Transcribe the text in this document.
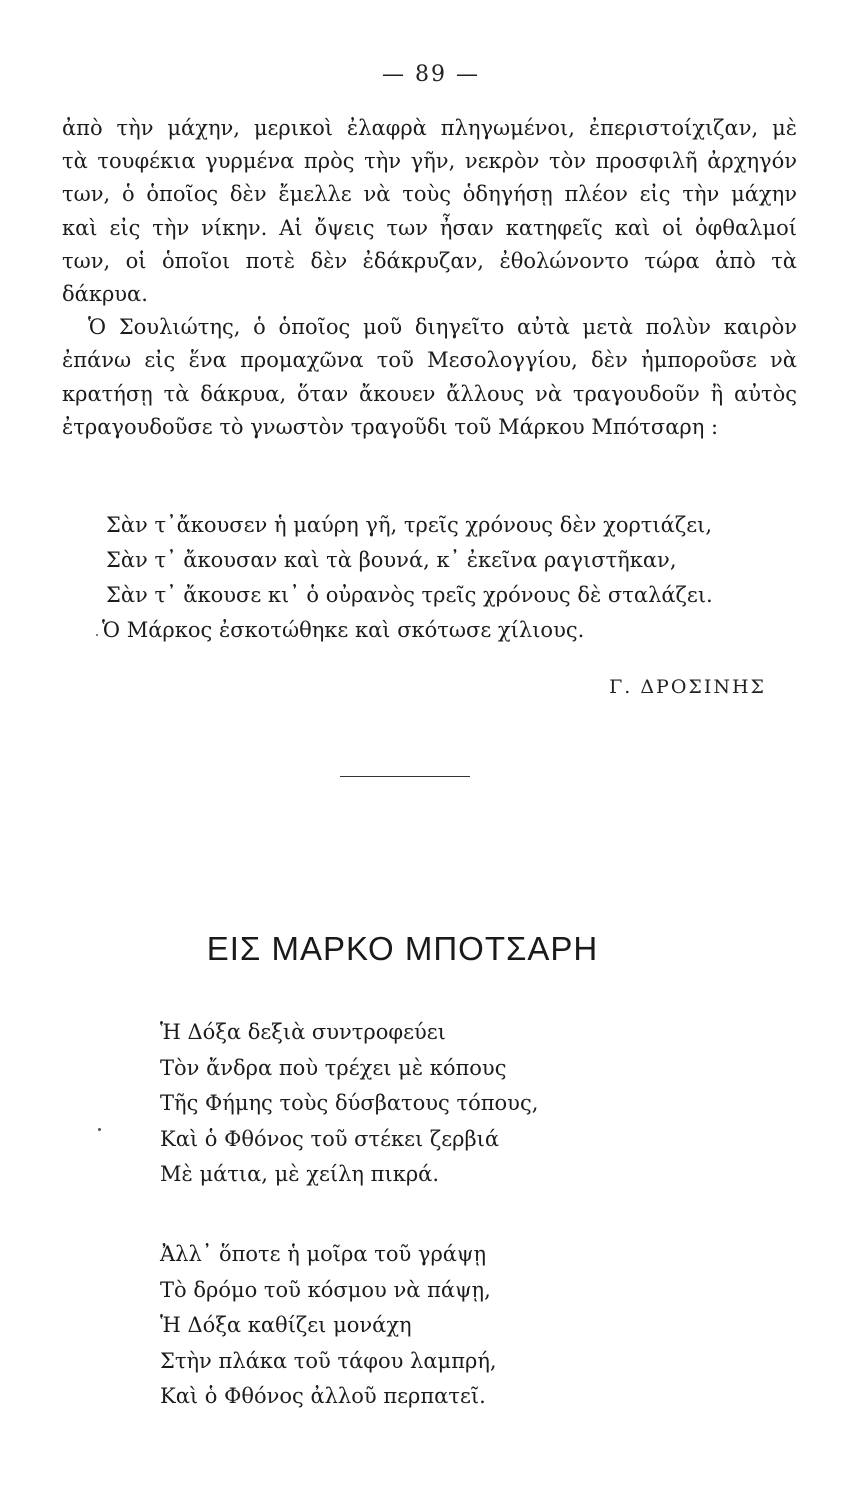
— 89 —
ἀπὸ τὴν μάχην, μερικοὶ ἐλαφρὰ πληγωμένοι, ἐπεριστοίχιζαν, μὲ
τὰ τουφέκια γυρμένα πρὸς τὴν γῆν, νεκρὸν τὸν προσφιλῆ ἀρχηγόν
των, ὁ ὁποῖος δὲν ἔμελλε νὰ τοὺς ὁδηγήσῃ πλέον εἰς τὴν μάχην
καὶ εἰς τὴν νίκην. Αἱ ὄψεις των ἦσαν κατηφεῖς καὶ οἱ ὀφθαλμοί
των, οἱ ὁποῖοι ποτὲ δὲν ἐδάκρυζαν, ἐθολώνοντο τώρα ἀπὸ τὰ
δάκρυα.
Ὁ Σουλιώτης, ὁ ὁποῖος μοῦ διηγεῖτο αὐτὰ μετὰ πολὺν καιρὸν
ἐπάνω εἰς ἕνα προμαχῶνα τοῦ Μεσολογγίου, δὲν ἠμποροῦσε νὰ
κρατήσῃ τὰ δάκρυα, ὅταν ἄκουεν ἄλλους νὰ τραγουδοῦν ἢ αὐτὸς
ἐτραγουδοῦσε τὸ γνωστὸν τραγοῦδι τοῦ Μάρκου Μπότσαρη :
Σὰν τ᾽ἄκουσεν ἡ μαύρη γῆ, τρεῖς χρόνους δὲν χορτιάζει,
Σὰν τ᾽ ἄκουσαν καὶ τὰ βουνά, κ᾽ ἐκεῖνα ραγιστῆκαν,
Σὰν τ᾽ ἄκουσε κι᾽ ὁ οὐρανὸς τρεῖς χρόνους δὲ σταλάζει.
Ὁ Μάρκος ἐσκοτώθηκε καὶ σκότωσε χίλιους.
Γ. ΔΡΟΣΙΝΗΣ
ΕΙΣ ΜΑΡΚΟ ΜΠΟΤΣΑΡΗ
Ἡ Δόξα δεξιὰ συντροφεύει
Τὸν ἄνδρα ποὺ τρέχει μὲ κόπους
Τῆς Φήμης τοὺς δύσβατους τόπους,
Καὶ ὁ Φθόνος τοῦ στέκει ζερβιά
Μὲ μάτια, μὲ χείλη πικρά.
Ἀλλ᾽ ὅποτε ἡ μοῖρα τοῦ γράψῃ
Τὸ δρόμο τοῦ κόσμου νὰ πάψῃ,
Ἡ Δόξα καθίζει μονάχη
Στὴν πλάκα τοῦ τάφου λαμπρή,
Καὶ ὁ Φθόνος ἀλλοῦ περπατεῖ.
